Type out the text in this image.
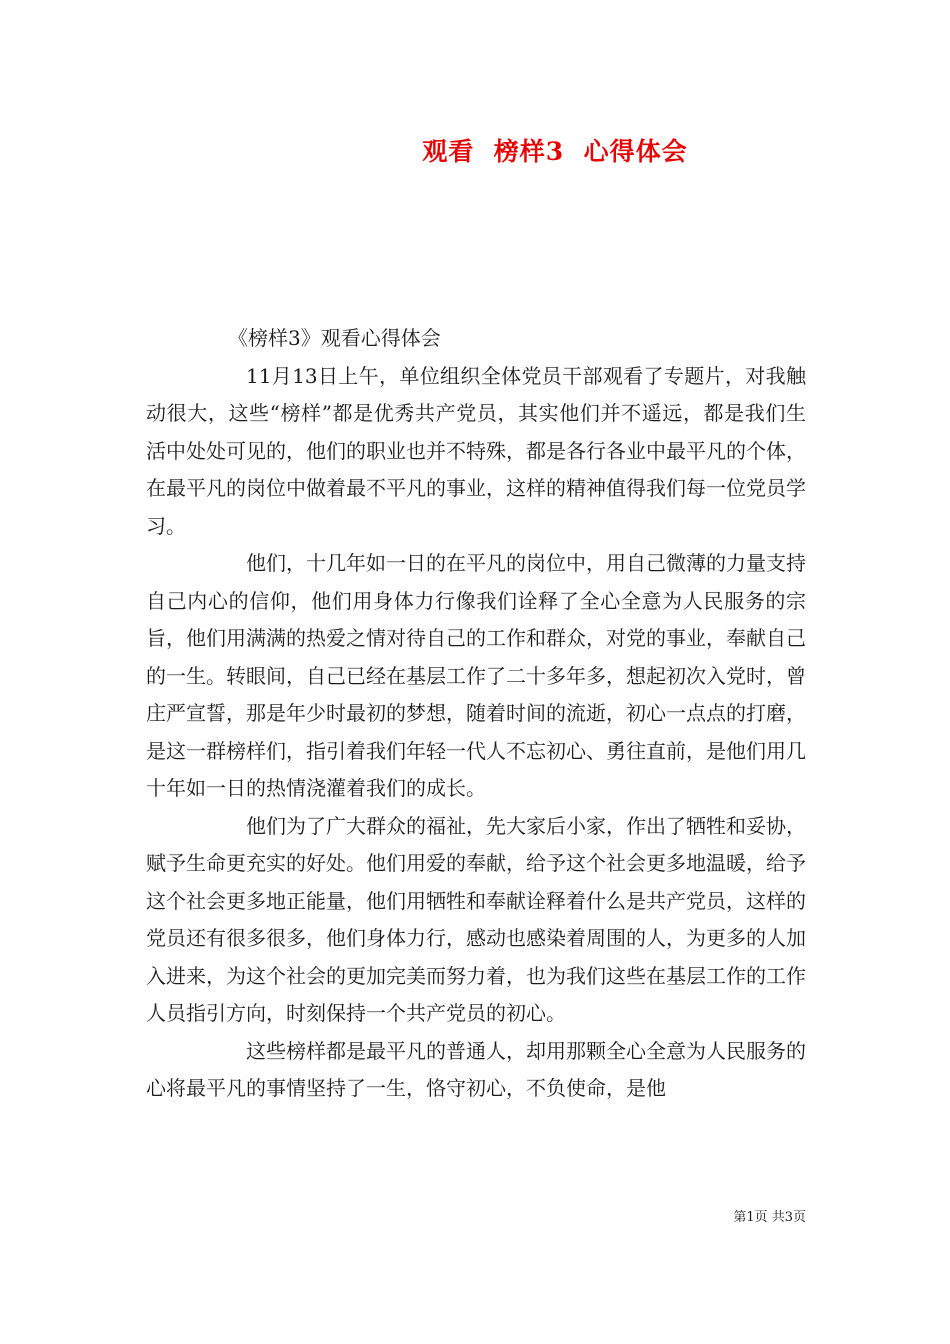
观看  榜样3  心得体会

《榜样3》观看心得体会

11月13日上午，单位组织全体党员干部观看了专题片，对我触动很大，这些“榜样”都是优秀共产党员，其实他们并不遥远，都是我们生活中处处可见的，他们的职业也并不特殊，都是各行各业中最平凡的个体，在最平凡的岗位中做着最不平凡的事业，这样的精神值得我们每一位党员学习。

他们，十几年如一日的在平凡的岗位中，用自己微薄的力量支持自己内心的信仰，他们用身体力行像我们诠释了全心全意为人民服务的宗旨，他们用满满的热爱之情对待自己的工作和群众，对党的事业，奉献自己的一生。转眼间，自己已经在基层工作了二十多年多，想起初次入党时，曾庄严宣誓，那是年少时最初的梦想，随着时间的流逝，初心一点点的打磨，是这一群榜样们，指引着我们年轻一代人不忘初心、勇往直前，是他们用几十年如一日的热情浇灌着我们的成长。

他们为了广大群众的福祉，先大家后小家，作出了牺牲和妥协，赋予生命更充实的好处。他们用爱的奉献，给予这个社会更多地温暖，给予这个社会更多地正能量，他们用牺牲和奉献诠释着什么是共产党员，这样的党员还有很多很多，他们身体力行，感动也感染着周围的人，为更多的人加入进来，为这个社会的更加完美而努力着，也为我们这些在基层工作的工作人员指引方向，时刻保持一个共产党员的初心。

这些榜样都是最平凡的普通人，却用那颗全心全意为人民服务的心将最平凡的事情坚持了一生，恪守初心，不负使命，是他

第1页 共3页
